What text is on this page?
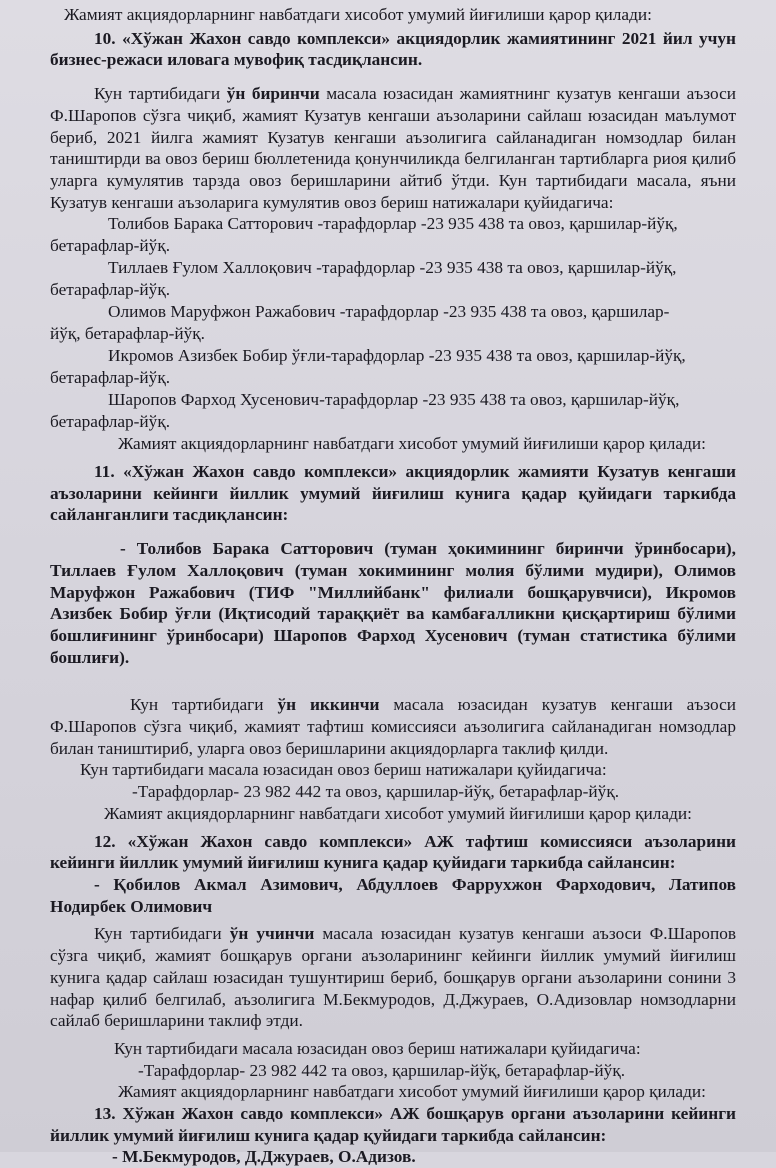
Жамият акциядорларнинг навбатдаги хисобот умумий йиғилиши қарор қилади:

10. «Хўжан Жахон савдо комплекси» акциядорлик жамиятининг 2021 йил учун бизнес-режаси иловага мувофиқ тасдиқлансин.

Кун тартибидаги ўн биринчи масала юзасидан жамиятнинг кузатув кенгаши аъзоси Ф.Шаропов сўзга чиқиб, жамият Кузатув кенгаши аъзоларини сайлаш юзасидан маълумот бериб, 2021 йилга жамият Кузатув кенгаши аъзолигига сайланадиган номзодлар билан таништирди ва овоз бериш бюллетенида қонунчиликда белгиланган тартибларга риоя қилиб уларга кумулятив тарзда овоз беришларини айтиб ўтди. Кун тартибидаги масала, яъни Кузатув кенгаши аъзоларига кумулятив овоз бериш натижалари қуйидагича:

Толибов Барака Сатторович -тарафдорлар -23 935 438 та овоз, қаршилар-йўқ,
бетарафлар-йўқ.

Тиллаев Ғулом Халлоқович -тарафдорлар -23 935 438 та овоз, қаршилар-йўқ,
бетарафлар-йўқ.

Олимов Маруфжон Ражабович -тарафдорлар -23 935 438 та овоз, қаршилар-
йўқ, бетарафлар-йўқ.

Икромов Азизбек Бобир ўғли-тарафдорлар -23 935 438 та овоз, қаршилар-йўқ,
бетарафлар-йўқ.

Шаропов Фарход Хусенович-тарафдорлар -23 935 438 та овоз, қаршилар-йўқ,
бетарафлар-йўқ.

Жамият акциядорларнинг навбатдаги хисобот умумий йиғилиши қарор қилади:

11. «Хўжан Жахон савдо комплекси» акциядорлик жамияти Кузатув кенгаши аъзоларини кейинги йиллик умумий йиғилиш кунига қадар қуйидаги таркибда сайланганлиги тасдиқлансин:

- Толибов Барака Сатторович (туман ҳокимининг биринчи ўринбосари), Тиллаев Ғулом Халлоқович (туман хокимининг молия бўлими мудири), Олимов Маруфжон Ражабович (ТИФ "Миллийбанк" филиали бошқарувчиси), Икромов Азизбек Бобир ўғли (Иқтисодий тараққиёт ва камбағалликни қисқартириш бўлими бошлиғининг ўринбосари) Шаропов Фарход Хусенович (туман статистика бўлими бошлиғи).

Кун тартибидаги ўн иккинчи масала юзасидан кузатув кенгаши аъзоси Ф.Шаропов сўзга чиқиб, жамият тафтиш комиссияси аъзолигига сайланадиган номзодлар билан таништириб, уларга овоз беришларини акциядорларга таклиф қилди.

Кун тартибидаги масала юзасидан овоз бериш натижалари қуйидагича:

-Тарафдорлар- 23 982 442 та овоз, қаршилар-йўқ, бетарафлар-йўқ.

Жамият акциядорларнинг навбатдаги хисобот умумий йиғилиши қарор қилади:

12. «Хўжан Жахон савдо комплекси» АЖ тафтиш комиссияси аъзоларини кейинги йиллик умумий йиғилиш кунига қадар қуйидаги таркибда сайлансин:

- Қобилов Акмал Азимович, Абдуллоев Фаррухжон Фарходович, Латипов Нодирбек Олимович

Кун тартибидаги ўн учинчи масала юзасидан кузатув кенгаши аъзоси Ф.Шаропов сўзга чиқиб, жамият бошқарув органи аъзоларининг кейинги йиллик умумий йиғилиш кунига қадар сайлаш юзасидан тушунтириш бериб, бошқарув органи аъзоларини сонини 3 нафар қилиб белгилаб, аъзолигига М.Бекмуродов, Д.Джураев, О.Адизовлар номзодларни сайлаб беришларини таклиф этди.

Кун тартибидаги масала юзасидан овоз бериш натижалари қуйидагича:

-Тарафдорлар- 23 982 442 та овоз, қаршилар-йўқ, бетарафлар-йўқ.

Жамият акциядорларнинг навбатдаги хисобот умумий йиғилиши қарор қилади:

13. Хўжан Жахон савдо комплекси» АЖ бошқарув органи аъзоларини кейинги йиллик умумий йиғилиш кунига қадар қуйидаги таркибда сайлансин:

- М.Бекмуродов, Д.Джураев, О.Адизов.
